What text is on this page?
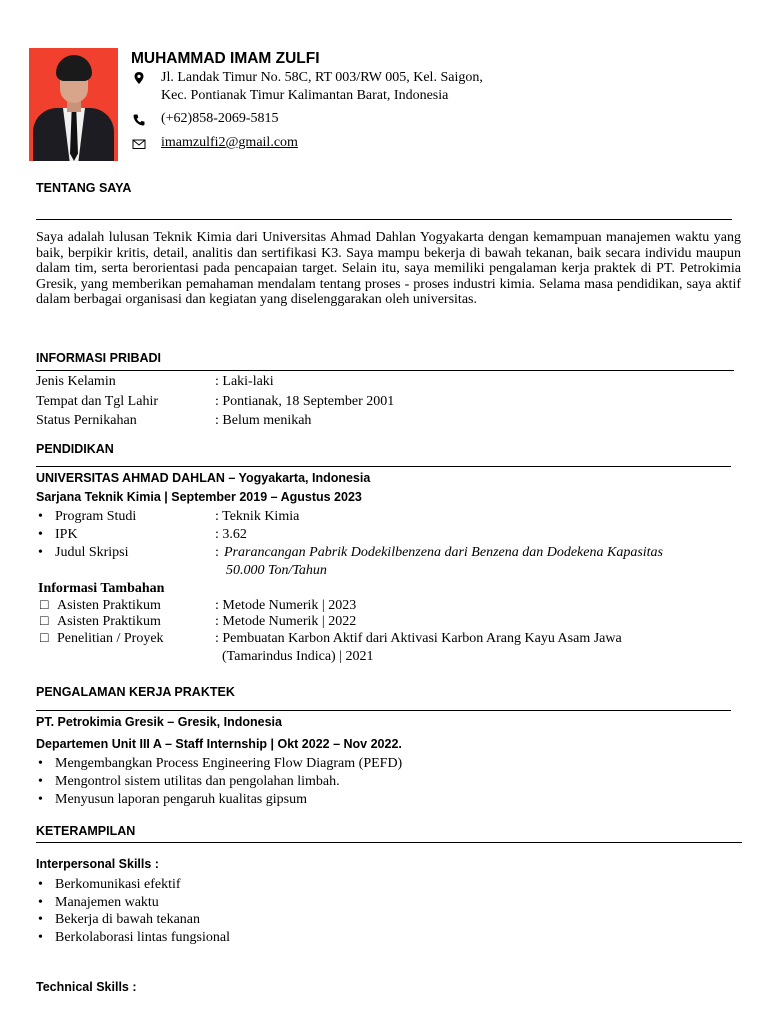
MUHAMMAD IMAM ZULFI
Jl. Landak Timur No. 58C, RT 003/RW 005, Kel. Saigon,
Kec. Pontianak Timur Kalimantan Barat, Indonesia
(+62)858-2069-5815
imamzulfi2@gmail.com
TENTANG SAYA
Saya adalah lulusan Teknik Kimia dari Universitas Ahmad Dahlan Yogyakarta dengan kemampuan manajemen waktu yang baik, berpikir kritis, detail, analitis dan sertifikasi K3. Saya mampu bekerja di bawah tekanan, baik secara individu maupun dalam tim, serta berorientasi pada pencapaian target. Selain itu, saya memiliki pengalaman kerja praktek di PT. Petrokimia Gresik, yang memberikan pemahaman mendalam tentang proses - proses industri kimia. Selama masa pendidikan, saya aktif dalam berbagai organisasi dan kegiatan yang diselenggarakan oleh universitas.
INFORMASI PRIBADI
Jenis Kelamin	: Laki-laki
Tempat dan Tgl Lahir	: Pontianak, 18 September 2001
Status Pernikahan	: Belum menikah
PENDIDIKAN
UNIVERSITAS AHMAD DAHLAN – Yogyakarta, Indonesia
Sarjana Teknik Kimia | September 2019 – Agustus 2023
•
Program Studi	: Teknik Kimia
•
IPK	: 3.62
•
Judul Skripsi	: Prarancangan Pabrik Dodekilbenzena dari Benzena dan Dodekena Kapasitas
50.000 Ton/Tahun
Informasi Tambahan
□ Asisten Praktikum	: Metode Numerik | 2023
□ Asisten Praktikum	: Metode Numerik | 2022
□ Penelitian / Proyek	: Pembuatan Karbon Aktif dari Aktivasi Karbon Arang Kayu Asam Jawa
(Tamarindus Indica) | 2021
PENGALAMAN KERJA PRAKTEK
PT. Petrokimia Gresik – Gresik, Indonesia
Departemen Unit III A – Staff Internship | Okt 2022 – Nov 2022.
•
Mengembangkan Process Engineering Flow Diagram (PEFD)
•
Mengontrol sistem utilitas dan pengolahan limbah.
•
Menyusun laporan pengaruh kualitas gipsum
KETERAMPILAN
Interpersonal Skills :
•
Berkomunikasi efektif
•
Manajemen waktu
•
Bekerja di bawah tekanan
•
Berkolaborasi lintas fungsional
Technical Skills :
